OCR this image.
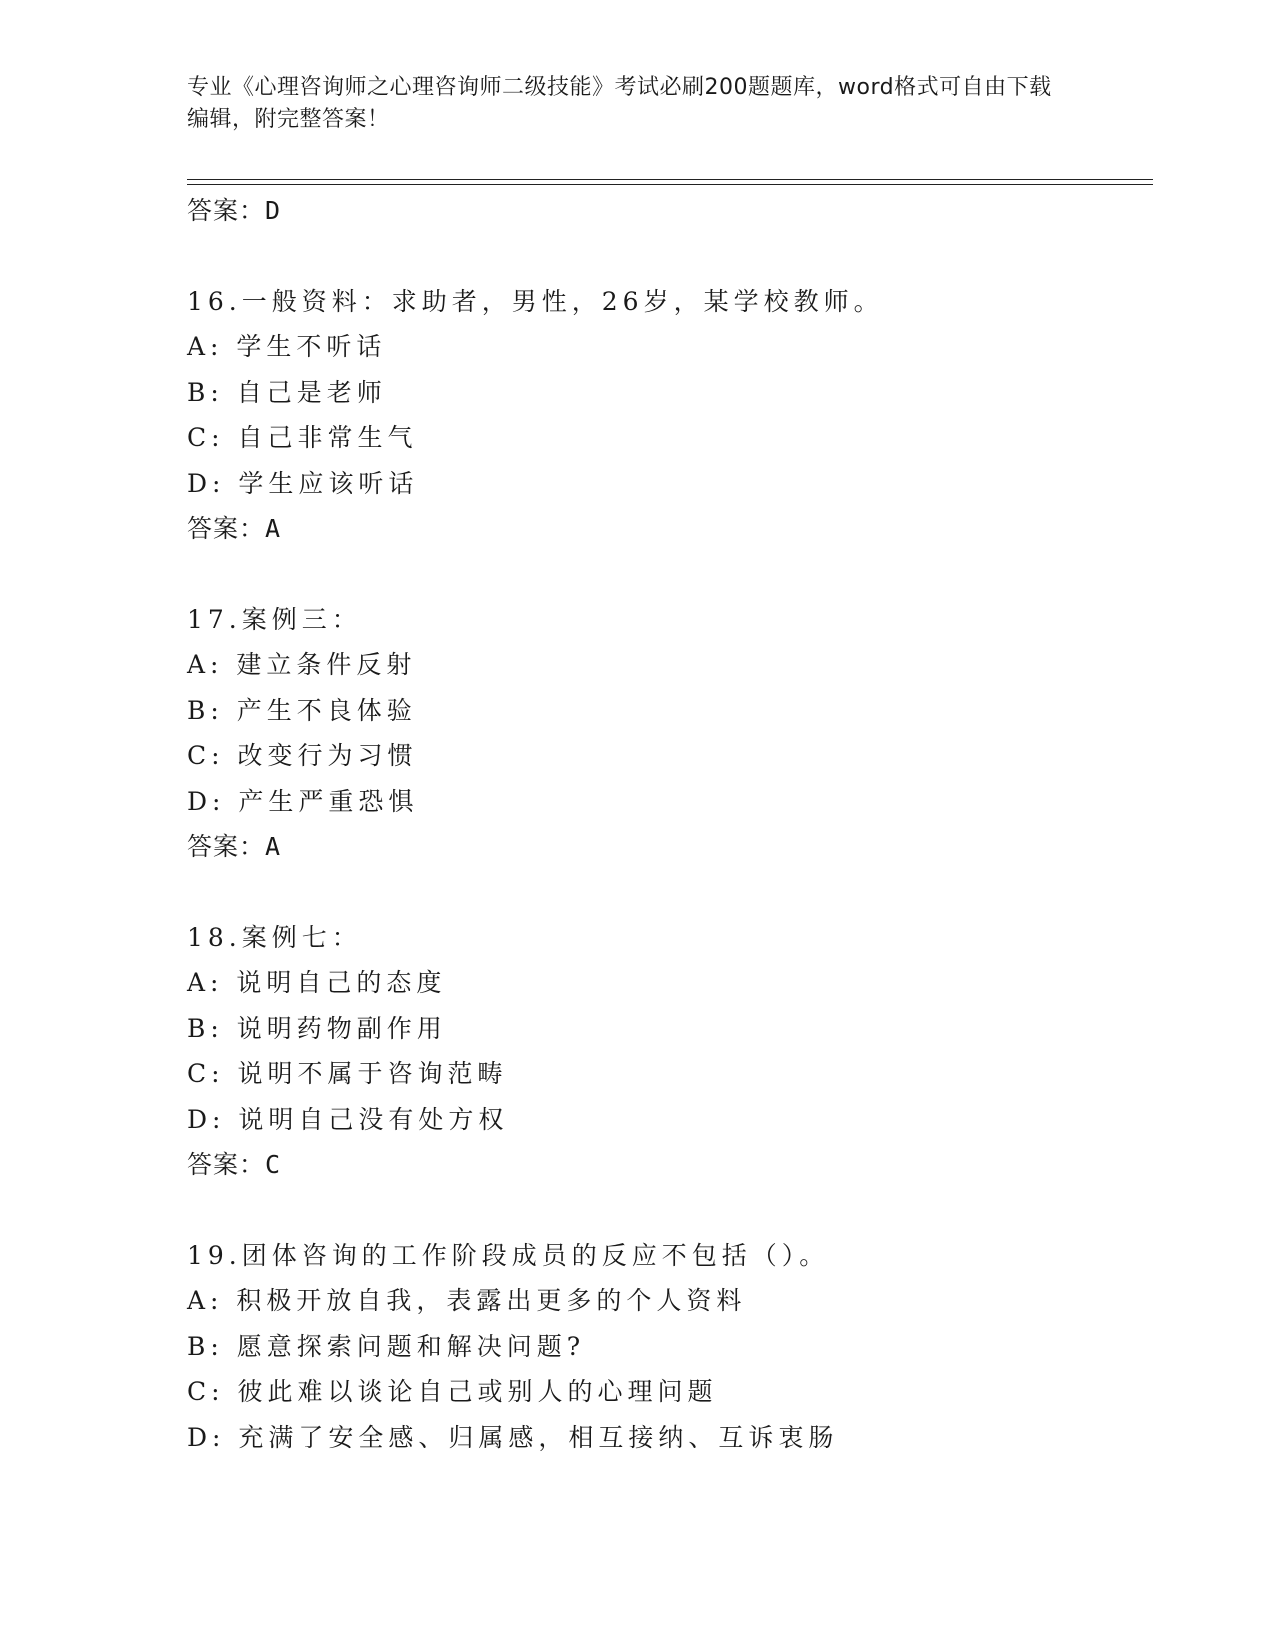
专业《心理咨询师之心理咨询师二级技能》考试必刷200题题库，word格式可自由下载编辑，附完整答案！
答案：D
16.一般资料：求助者，男性，26岁，某学校教师。
A: 学生不听话
B: 自己是老师
C: 自己非常生气
D: 学生应该听话
答案：A
17.案例三：
A: 建立条件反射
B: 产生不良体验
C: 改变行为习惯
D: 产生严重恐惧
答案：A
18.案例七：
A: 说明自己的态度
B: 说明药物副作用
C: 说明不属于咨询范畴
D: 说明自己没有处方权
答案：C
19.团体咨询的工作阶段成员的反应不包括（）。
A: 积极开放自我，表露出更多的个人资料
B: 愿意探索问题和解决问题?
C: 彼此难以谈论自己或别人的心理问题
D: 充满了安全感、归属感，相互接纳、互诉衷肠
